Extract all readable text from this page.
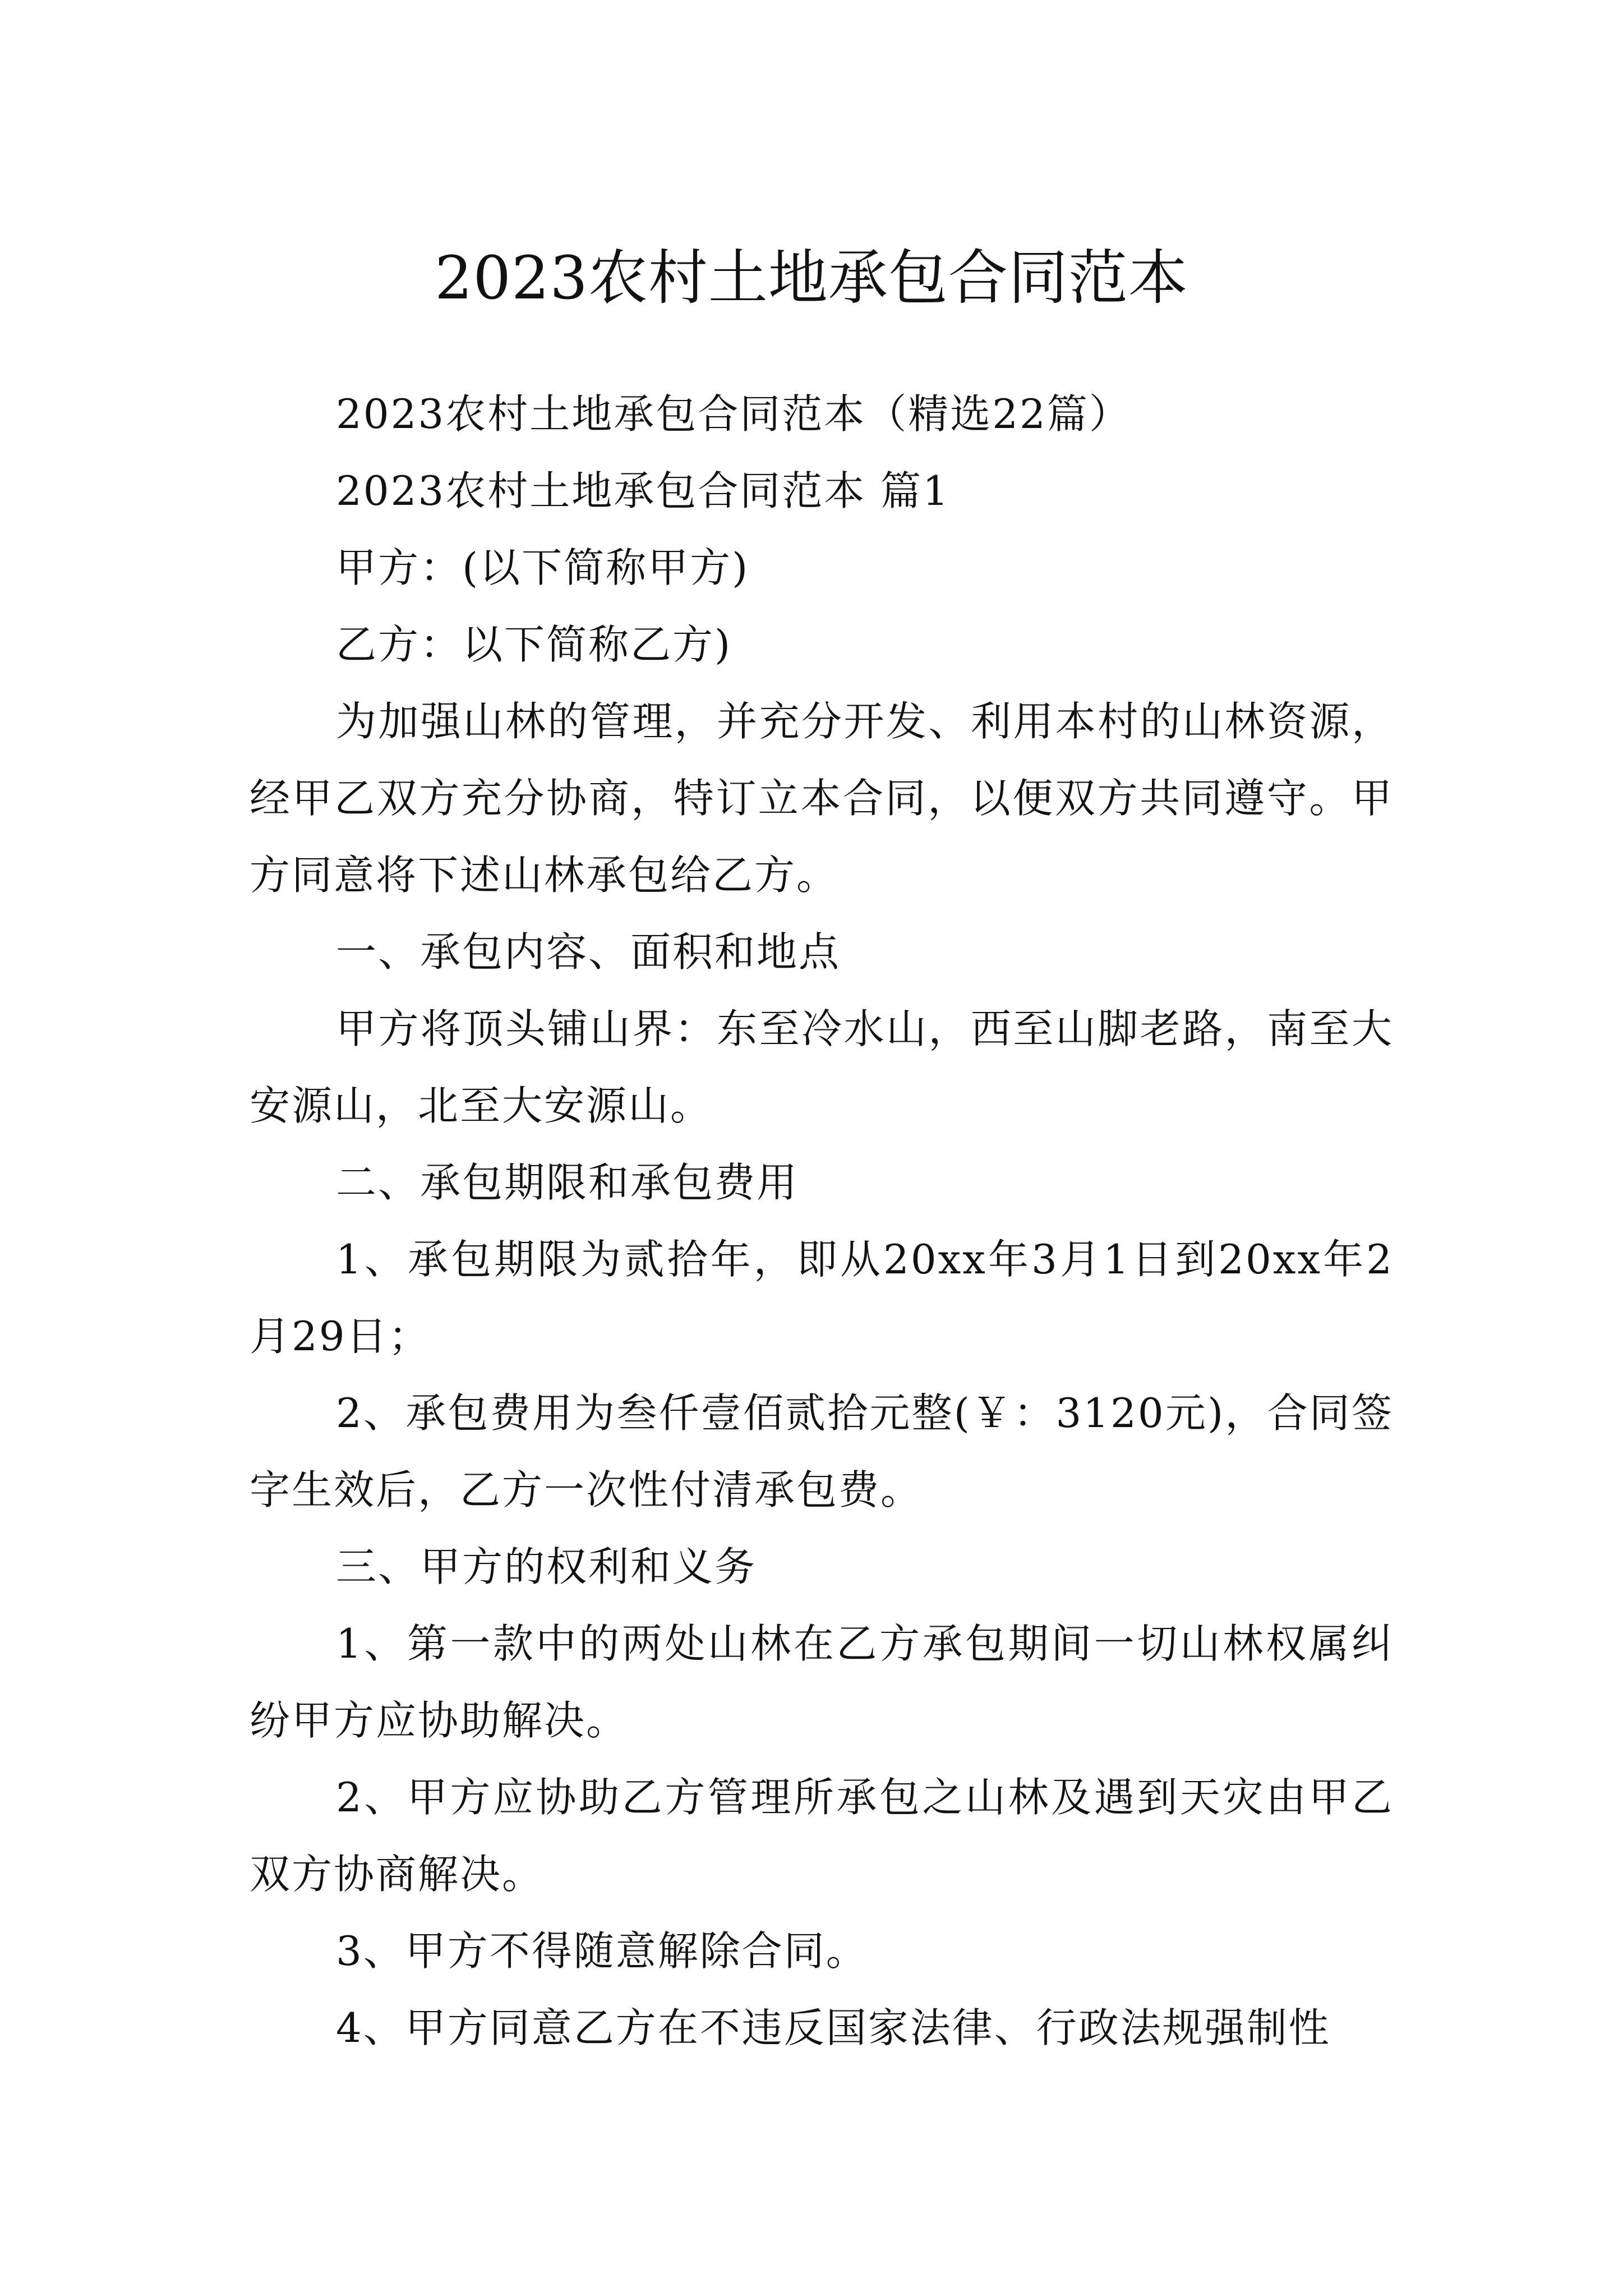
2023农村土地承包合同范本

2023农村土地承包合同范本（精选22篇）

2023农村土地承包合同范本 篇1

甲方：(以下简称甲方)

乙方：以下简称乙方)

为加强山林的管理，并充分开发、利用本村的山林资源，经甲乙双方充分协商，特订立本合同，以便双方共同遵守。甲方同意将下述山林承包给乙方。

一、承包内容、面积和地点

甲方将顶头铺山界：东至冷水山，西至山脚老路，南至大安源山，北至大安源山。

二、承包期限和承包费用

1、承包期限为贰拾年，即从20xx年3月1日到20xx年2月29日；

2、承包费用为叁仟壹佰贰拾元整(￥：3120元)，合同签字生效后，乙方一次性付清承包费。

三、甲方的权利和义务

1、第一款中的两处山林在乙方承包期间一切山林权属纠纷甲方应协助解决。

2、甲方应协助乙方管理所承包之山林及遇到天灾由甲乙双方协商解决。

3、甲方不得随意解除合同。

4、甲方同意乙方在不违反国家法律、行政法规强制性
